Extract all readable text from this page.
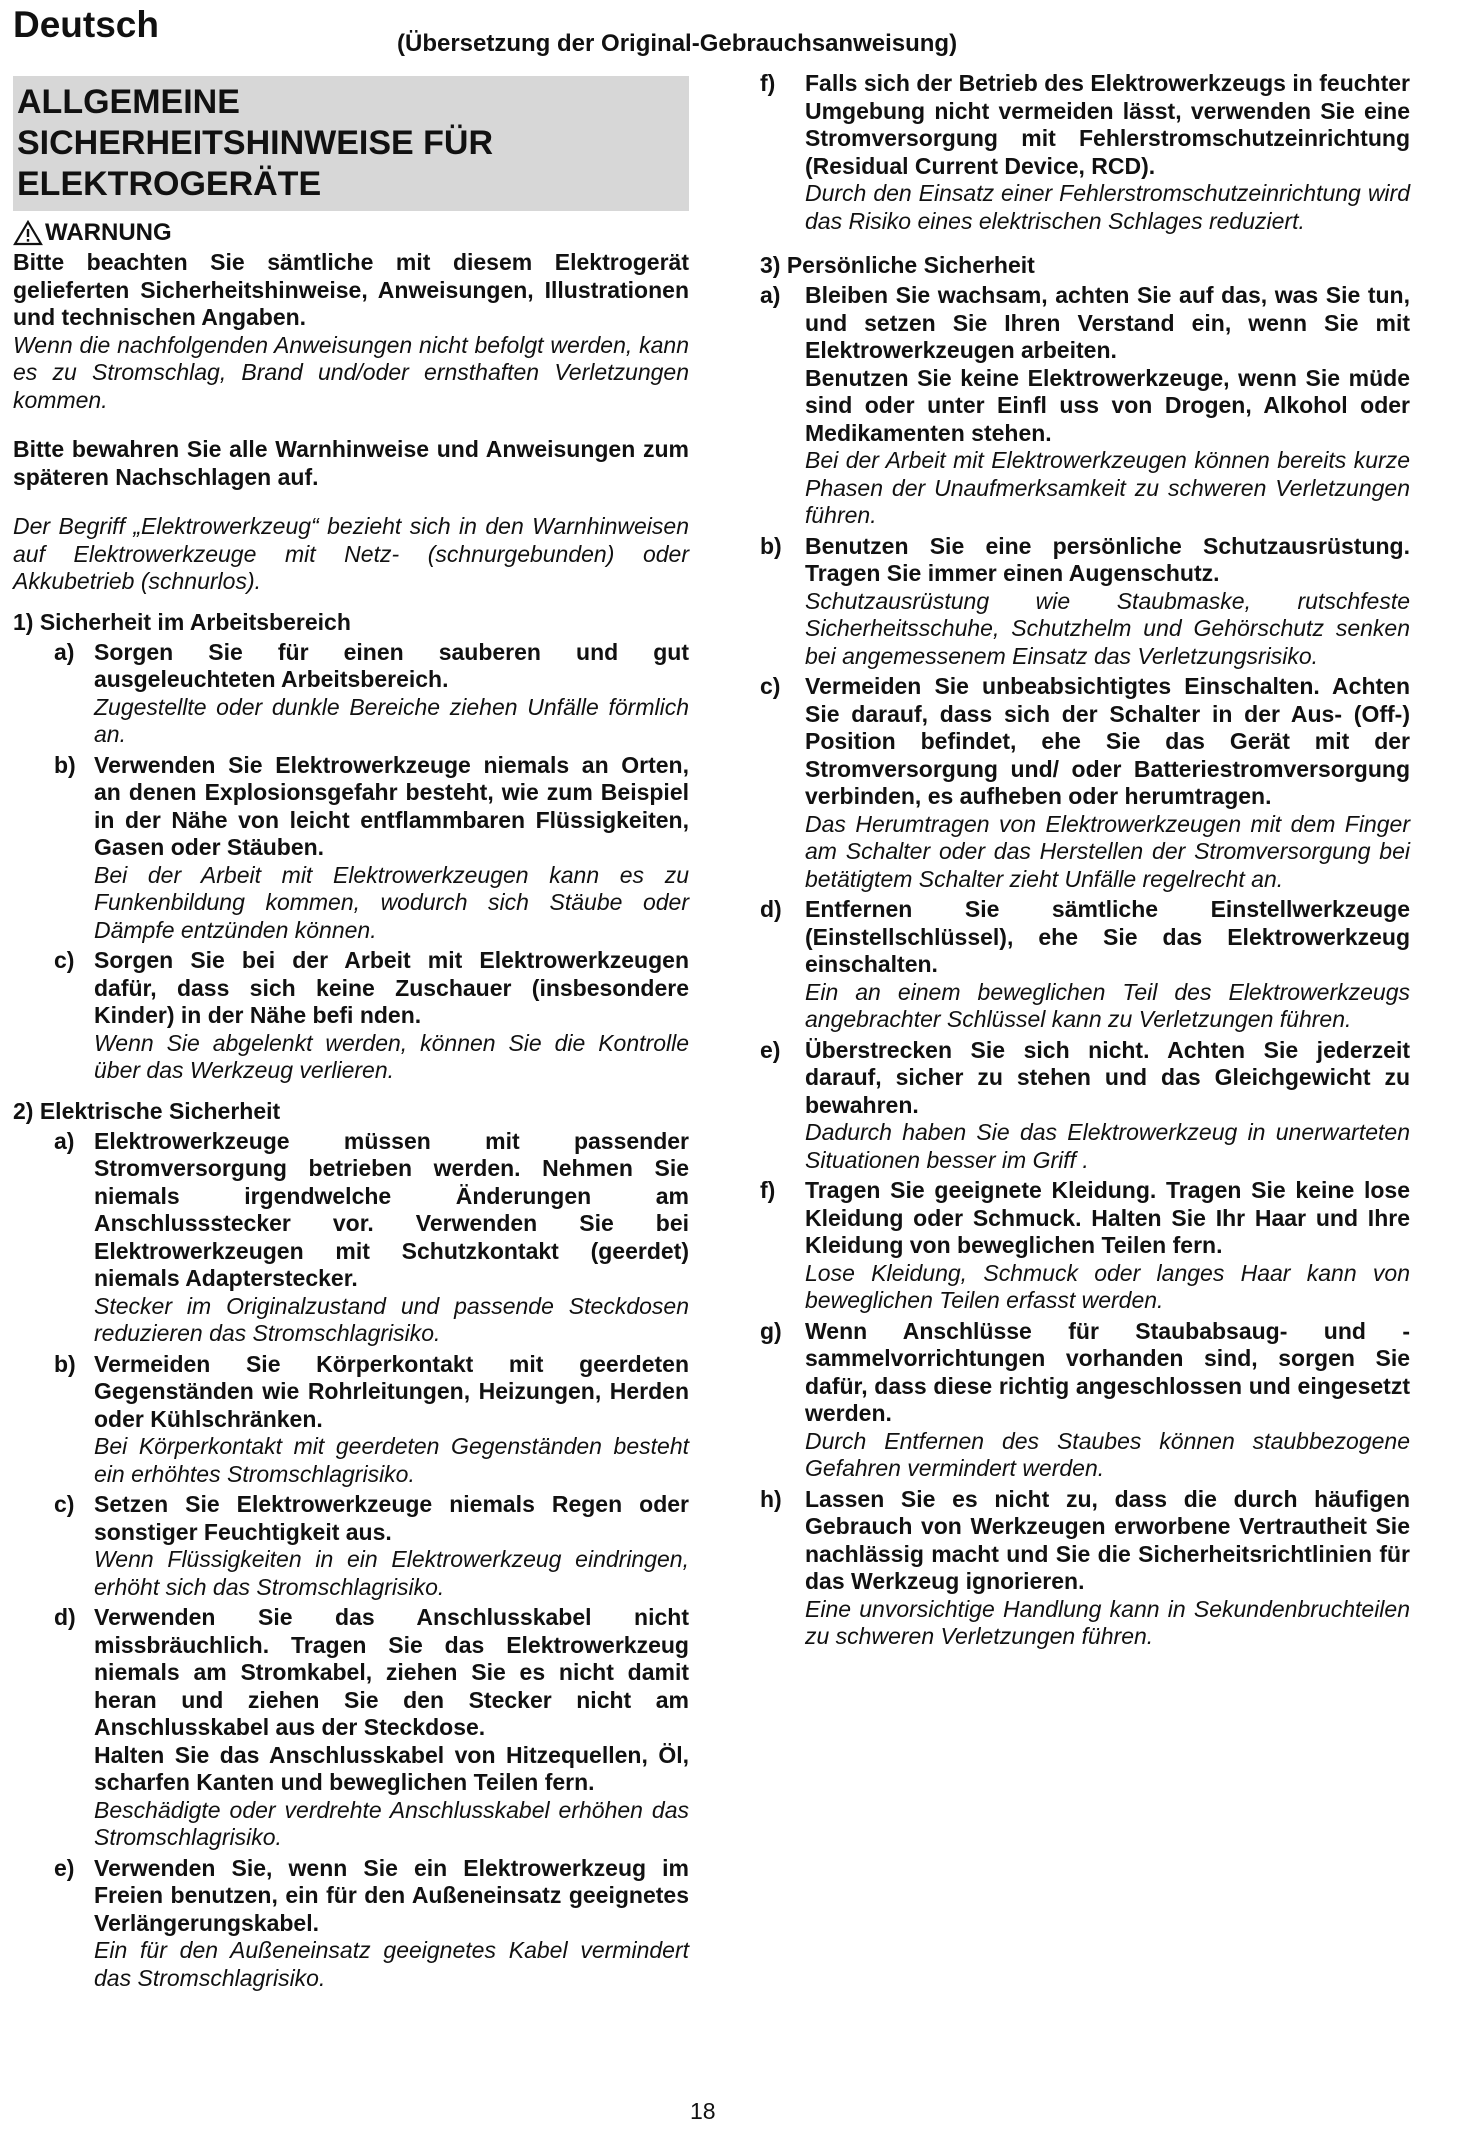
Deutsch	(Übersetzung der Original-Gebrauchsanweisung)
ALLGEMEINE
SICHERHEITSHINWEISE FÜR
ELEKTROGERÄTE
WARNUNG

Bitte beachten Sie sämtliche mit diesem Elektrogerät gelieferten Sicherheitshinweise, Anweisungen, Illustrationen und technischen Angaben.

Wenn die nachfolgenden Anweisungen nicht befolgt werden, kann es zu Stromschlag, Brand und/oder ernsthaften Verletzungen kommen.

Bitte bewahren Sie alle Warnhinweise und Anweisungen zum späteren Nachschlagen auf.

Der Begriff „Elektrowerkzeug“ bezieht sich in den Warnhinweisen auf Elektrowerkzeuge mit Netz- (schnurgebunden) oder Akkubetrieb (schnurlos).

1) Sicherheit im Arbeitsbereich
a) Sorgen Sie für einen sauberen und gut ausgeleuchteten Arbeitsbereich.

Zugestellte oder dunkle Bereiche ziehen Unfälle förmlich an.

b) Verwenden Sie Elektrowerkzeuge niemals an Orten, an denen Explosionsgefahr besteht, wie zum Beispiel in der Nähe von leicht entflammbaren Flüssigkeiten, Gasen oder Stäuben.

Bei der Arbeit mit Elektrowerkzeugen kann es zu Funkenbildung kommen, wodurch sich Stäube oder Dämpfe entzünden können.

c) Sorgen Sie bei der Arbeit mit Elektrowerkzeugen dafür, dass sich keine Zuschauer (insbesondere Kinder) in der Nähe befi nden.

Wenn Sie abgelenkt werden, können Sie die Kontrolle über das Werkzeug verlieren.

2) Elektrische Sicherheit
a) Elektrowerkzeuge müssen mit passender Stromversorgung betrieben werden. Nehmen Sie niemals irgendwelche Änderungen am Anschlussstecker vor. Verwenden Sie bei Elektrowerkzeugen mit Schutzkontakt (geerdet) niemals Adapterstecker.

Stecker im Originalzustand und passende Steckdosen reduzieren das Stromschlagrisiko.

b) Vermeiden Sie Körperkontakt mit geerdeten Gegenständen wie Rohrleitungen, Heizungen, Herden oder Kühlschränken.

Bei Körperkontakt mit geerdeten Gegenständen besteht ein erhöhtes Stromschlagrisiko.

c) Setzen Sie Elektrowerkzeuge niemals Regen oder sonstiger Feuchtigkeit aus.

Wenn Flüssigkeiten in ein Elektrowerkzeug eindringen, erhöht sich das Stromschlagrisiko.

d) Verwenden Sie das Anschlusskabel nicht missbräuchlich. Tragen Sie das Elektrowerkzeug niemals am Stromkabel, ziehen Sie es nicht damit heran und ziehen Sie den Stecker nicht am Anschlusskabel aus der Steckdose.

Halten Sie das Anschlusskabel von Hitzequellen, Öl, scharfen Kanten und beweglichen Teilen fern.

Beschädigte oder verdrehte Anschlusskabel erhöhen das Stromschlagrisiko.

e) Verwenden Sie, wenn Sie ein Elektrowerkzeug im Freien benutzen, ein für den Außeneinsatz geeignetes Verlängerungskabel.

Ein für den Außeneinsatz geeignetes Kabel vermindert das Stromschlagrisiko.

f)	Falls sich der Betrieb des Elektrowerkzeugs in feuchter Umgebung nicht vermeiden lässt, verwenden Sie eine Stromversorgung mit Fehlerstromschutzeinrichtung (Residual Current Device, RCD).

Durch den Einsatz einer Fehlerstromschutzeinrichtung wird das Risiko eines elektrischen Schlages reduziert.

3) Persönliche Sicherheit
a)	Bleiben Sie wachsam, achten Sie auf das, was Sie tun, und setzen Sie Ihren Verstand ein, wenn Sie mit Elektrowerkzeugen arbeiten.

Benutzen Sie keine Elektrowerkzeuge, wenn Sie müde sind oder unter Einfl uss von Drogen, Alkohol oder Medikamenten stehen.

Bei der Arbeit mit Elektrowerkzeugen können bereits kurze Phasen der Unaufmerksamkeit zu schweren Verletzungen führen.

b)	Benutzen Sie eine persönliche Schutzausrüstung. Tragen Sie immer einen Augenschutz.

Schutzausrüstung wie Staubmaske, rutschfeste Sicherheitsschuhe, Schutzhelm und Gehörschutz senken bei angemessenem Einsatz das Verletzungsrisiko.

c)	Vermeiden Sie unbeabsichtigtes Einschalten. Achten Sie darauf, dass sich der Schalter in der Aus- (Off-) Position befindet, ehe Sie das Gerät mit der Stromversorgung und/ oder Batteriestromversorgung verbinden, es aufheben oder herumtragen.

Das Herumtragen von Elektrowerkzeugen mit dem Finger am Schalter oder das Herstellen der Stromversorgung bei betätigtem Schalter zieht Unfälle regelrecht an.

d)	Entfernen Sie sämtliche Einstellwerkzeuge (Einstellschlüssel), ehe Sie das Elektrowerkzeug einschalten.

Ein an einem beweglichen Teil des Elektrowerkzeugs angebrachter Schlüssel kann zu Verletzungen führen.

e)	Überstrecken Sie sich nicht. Achten Sie jederzeit darauf, sicher zu stehen und das Gleichgewicht zu bewahren.

Dadurch haben Sie das Elektrowerkzeug in unerwarteten Situationen besser im Griff .

f)	Tragen Sie geeignete Kleidung. Tragen Sie keine lose Kleidung oder Schmuck. Halten Sie Ihr Haar und Ihre Kleidung von beweglichen Teilen fern.

Lose Kleidung, Schmuck oder langes Haar kann von beweglichen Teilen erfasst werden.

g)	Wenn Anschlüsse für Staubabsaug- und - sammelvorrichtungen vorhanden sind, sorgen Sie dafür, dass diese richtig angeschlossen und eingesetzt werden.

Durch Entfernen des Staubes können staubbezogene Gefahren vermindert werden.

h)	Lassen Sie es nicht zu, dass die durch häufigen Gebrauch von Werkzeugen erworbene Vertrautheit Sie nachlässig macht und Sie die Sicherheitsrichtlinien für das Werkzeug ignorieren.

Eine unvorsichtige Handlung kann in Sekundenbruchteilen zu schweren Verletzungen führen.

18
